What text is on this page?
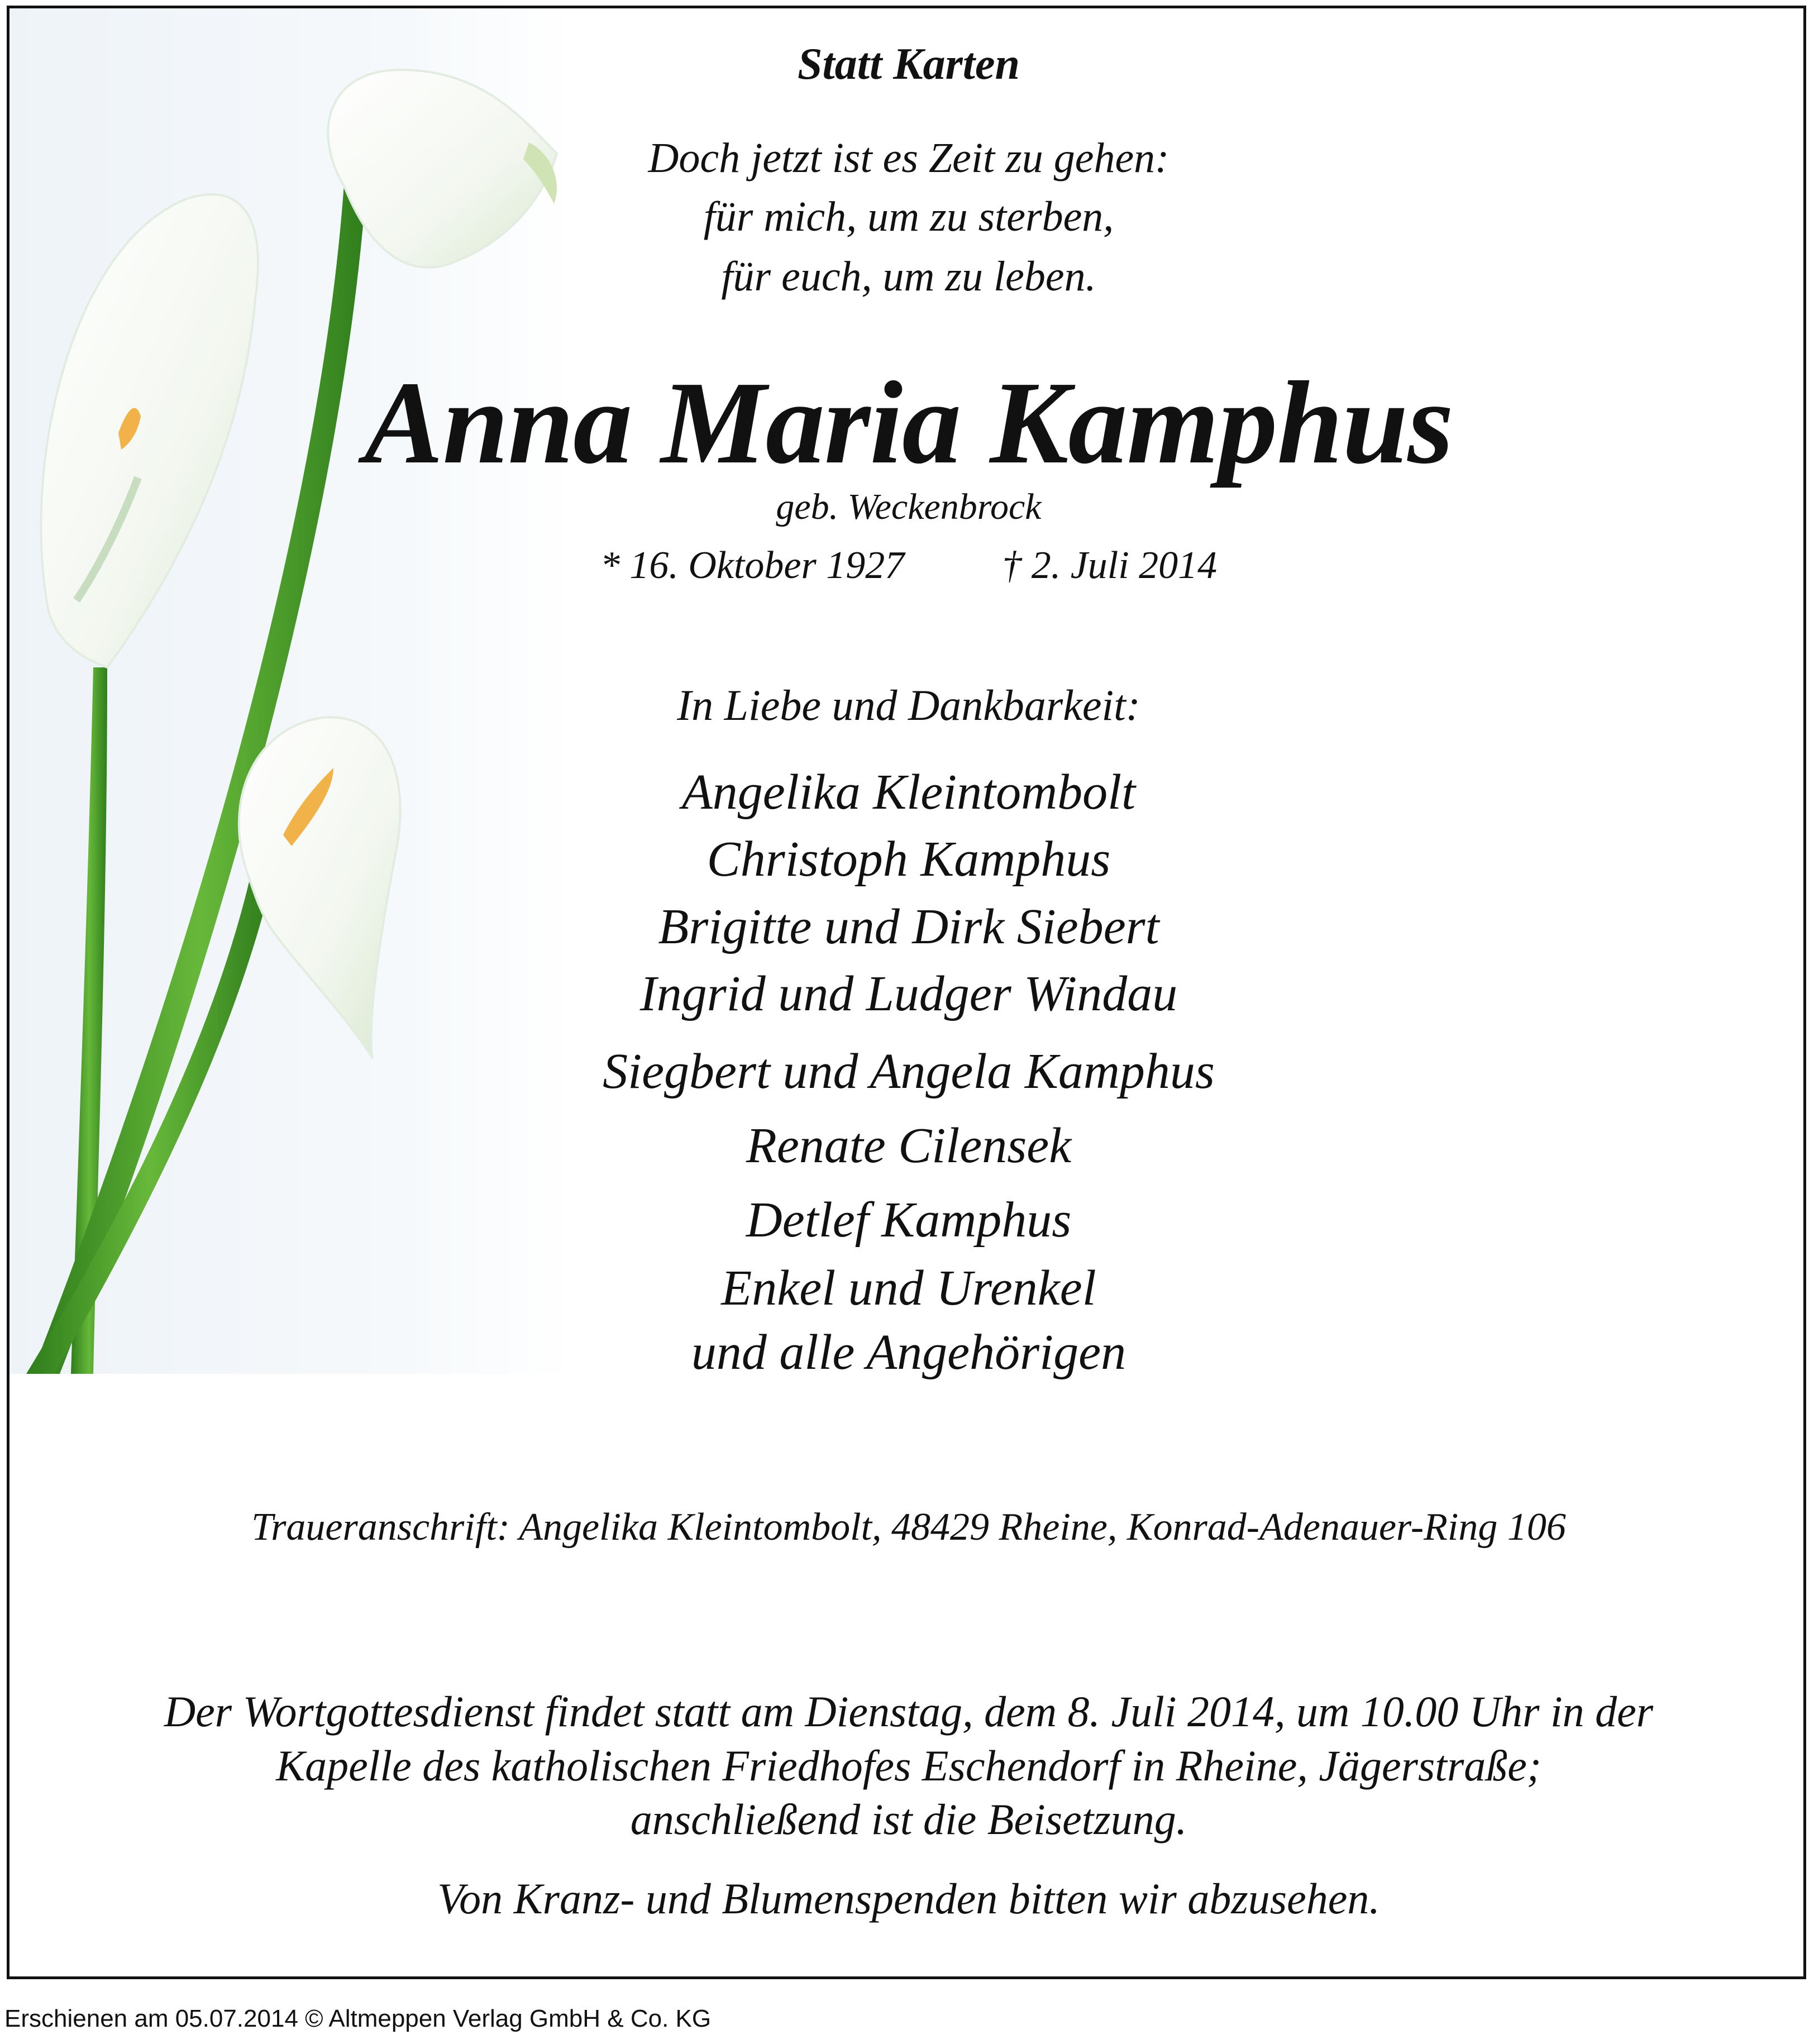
Statt Karten
Doch jetzt ist es Zeit zu gehen:
für mich, um zu sterben,
für euch, um zu leben.
Anna Maria Kamphus
geb. Weckenbrock
* 16. Oktober 1927	† 2. Juli 2014
In Liebe und Dankbarkeit:
Angelika Kleintombolt
Christoph Kamphus
Brigitte und Dirk Siebert
Ingrid und Ludger Windau
Siegbert und Angela Kamphus
Renate Cilensek
Detlef Kamphus
Enkel und Urenkel
und alle Angehörigen
Traueranschrift: Angelika Kleintombolt, 48429 Rheine, Konrad-Adenauer-Ring 106
Der Wortgottesdienst findet statt am Dienstag, dem 8. Juli 2014, um 10.00 Uhr in der
Kapelle des katholischen Friedhofes Eschendorf in Rheine, Jägerstraße;
anschließend ist die Beisetzung.
Von Kranz- und Blumenspenden bitten wir abzusehen.
Erschienen am 05.07.2014 © Altmeppen Verlag GmbH & Co. KG
